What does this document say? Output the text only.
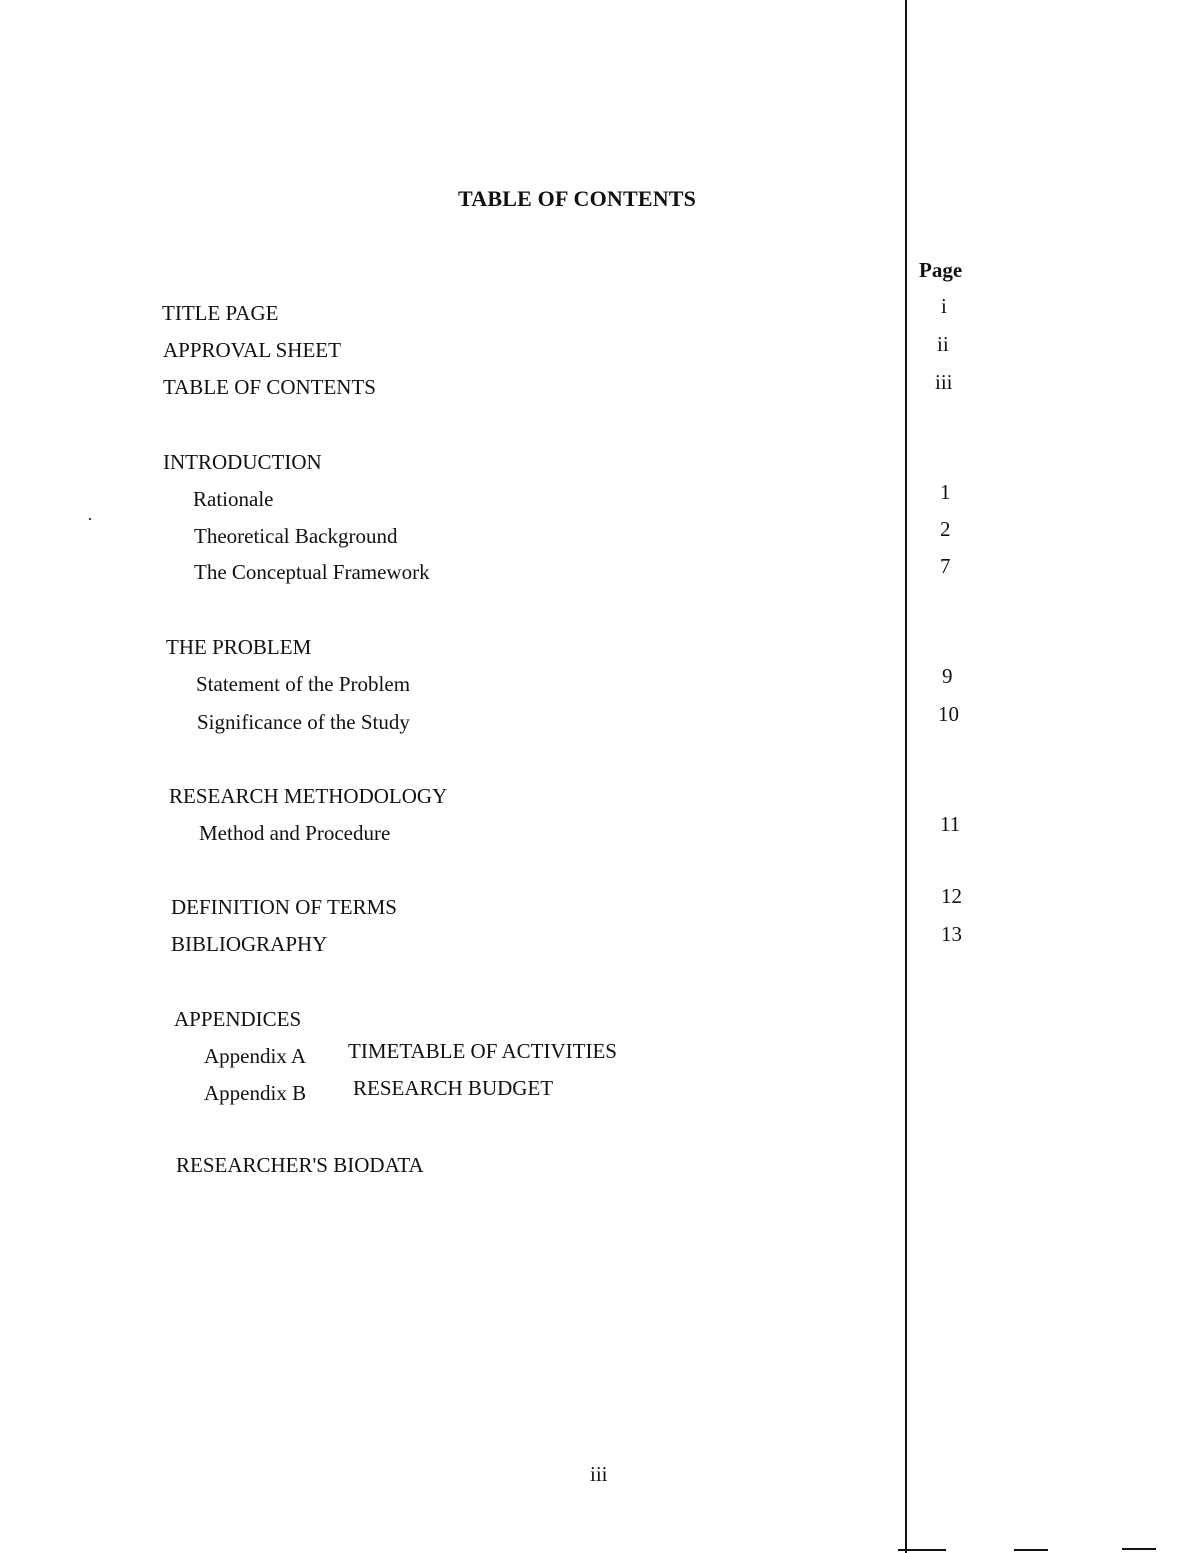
TABLE OF CONTENTS
Page
TITLE PAGE	i
APPROVAL SHEET	ii
TABLE OF CONTENTS	iii
INTRODUCTION
Rationale	1
Theoretical Background	2
The Conceptual Framework	7
THE PROBLEM
Statement of the Problem	9
Significance of the Study	10
RESEARCH METHODOLOGY
Method and Procedure	11
DEFINITION OF TERMS	12
BIBLIOGRAPHY	13
APPENDICES
Appendix A TIMETABLE OF ACTIVITIES
Appendix B RESEARCH BUDGET
RESEARCHER'S BIODATA
iii
